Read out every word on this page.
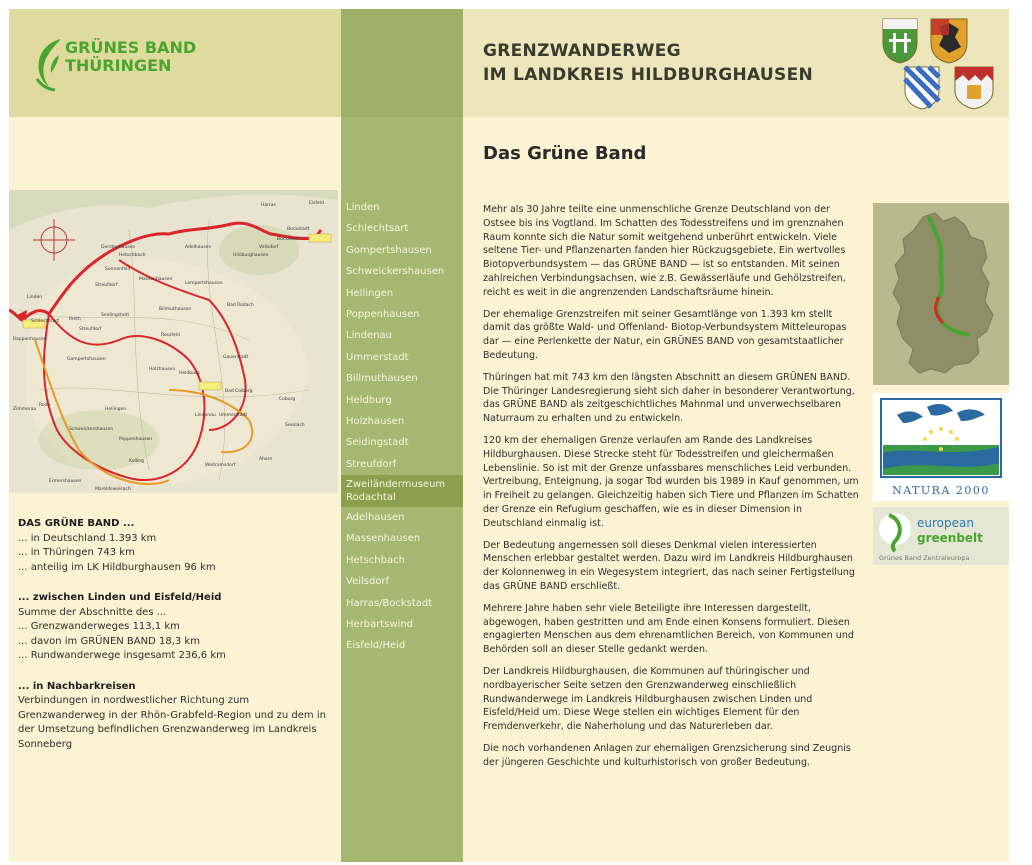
GRÜNES BAND
THÜRINGEN
GRENZWANDERWEG
IM LANDKREIS HILDBURGHAUSEN
Linden
Schlechtsart
Eisfeld
Harras
Bockstadt
Veilsdorf
Hildburghausen
Streufdorf
Seidingstadt
Bad Rodach
Heldburg
Holzhausen
Ummerstadt
Bad Colberg
Poppenhausen
Hellingen
Gompertshausen
Lindenau
Gauerstadt
Sesslach
Kolling
Zimmerau
Roda
Massenhausen
Adelhausen
Hetschbach
Sonnenfeld
Weitramsdorf
Ermershausen
Maroldsweisach
Rappenhausen
Billmuthausen
Ahorn
Coburg
Rossfeld
Schweickershausen
Gerstenhausen
Lempertshausen
Bockstadt
Rieth
Streufdorf
DAS GRÜNE BAND ...
... in Deutschland 1.393 km
... in Thüringen 743 km
... anteilig im LK Hildburghausen 96 km
... zwischen Linden und Eisfeld/Heid
Summe der Abschnitte des ...
... Grenzwanderweges 113,1 km
... davon im GRÜNEN BAND 18,3 km
... Rundwanderwege insgesamt 236,6 km
... in Nachbarkreisen
Verbindungen in nordwestlicher Richtung zum Grenzwanderweg in der Rhön-Grabfeld-Region und zu dem in der Umsetzung befindlichen Grenzwanderweg im Landkreis Sonneberg
Linden
Schlechtsart
Gompertshausen
Schweickershausen
Hellingen
Poppenhausen
Lindenau
Ummerstadt
Billmuthausen
Heldburg
Holzhausen
Seidingstadt
Streufdorf
Zweiländermuseum Rodachtal
Adelhausen
Massenhausen
Hetschbach
Veilsdorf
Harras/Bockstadt
Herbartswind
Eisfeld/Heid
Das Grüne Band

Mehr als 30 Jahre teilte eine unmenschliche Grenze Deutschland von der Ostsee bis ins Vogtland. Im Schatten des Todesstreifens und im grenznahen Raum konnte sich die Natur somit weitgehend unberührt entwickeln. Viele seltene Tier- und Pflanzenarten fanden hier Rückzugsgebiete. Ein wertvolles Biotopverbundsystem — das GRÜNE BAND — ist so entstanden. Mit seinen zahlreichen Verbindungsachsen, wie z.B. Gewässerläufe und Gehölzstreifen, reicht es weit in die angrenzenden Landschaftsräume hinein.

Der ehemalige Grenzstreifen mit seiner Gesamtlänge von 1.393 km stellt damit das größte Wald- und Offenland- Biotop-Verbundsystem Mitteleuropas dar — eine Perlenkette der Natur, ein GRÜNES BAND von gesamtstaatlicher Bedeutung.

Thüringen hat mit 743 km den längsten Abschnitt an diesem GRÜNEN BAND. Die Thüringer Landesregierung sieht sich daher in besonderer Verantwortung, das GRÜNE BAND als zeitgeschichtliches Mahnmal und unverwechselbaren Naturraum zu erhalten und zu entwickeln.

120 km der ehemaligen Grenze verlaufen am Rande des Landkreises Hildburghausen. Diese Strecke steht für Todesstreifen und gleichermaßen Lebenslinie. So ist mit der Grenze unfassbares menschliches Leid verbunden. Vertreibung, Enteignung, ja sogar Tod wurden bis 1989 in Kauf genommen, um in Freiheit zu gelangen. Gleichzeitig haben sich Tiere und Pflanzen im Schatten der Grenze ein Refugium geschaffen, wie es in dieser Dimension in Deutschland einmalig ist.

Der Bedeutung angemessen soll dieses Denkmal vielen interessierten Menschen erlebbar gestaltet werden. Dazu wird im Landkreis Hildburghausen der Kolonnenweg in ein Wegesystem integriert, das nach seiner Fertigstellung das GRÜNE BAND erschließt.

Mehrere Jahre haben sehr viele Beteiligte ihre Interessen dargestellt, abgewogen, haben gestritten und am Ende einen Konsens formuliert. Diesen engagierten Menschen aus dem ehrenamtlichen Bereich, von Kommunen und Behörden soll an dieser Stelle gedankt werden.

Der Landkreis Hildburghausen, die Kommunen auf thüringischer und nordbayerischer Seite setzen den Grenzwanderweg einschließlich Rundwanderwege im Landkreis Hildburghausen zwischen Linden und Eisfeld/Heid um. Diese Wege stellen ein wichtiges Element für den Fremdenverkehr, die Naherholung und das Naturerleben dar.

Die noch vorhandenen Anlagen zur ehemaligen Grenzsicherung sind Zeugnis der jüngeren Geschichte und kulturhistorisch von großer Bedeutung.

NATURA 2000
european
greenbelt
Grünes Band Zentraleuropa
